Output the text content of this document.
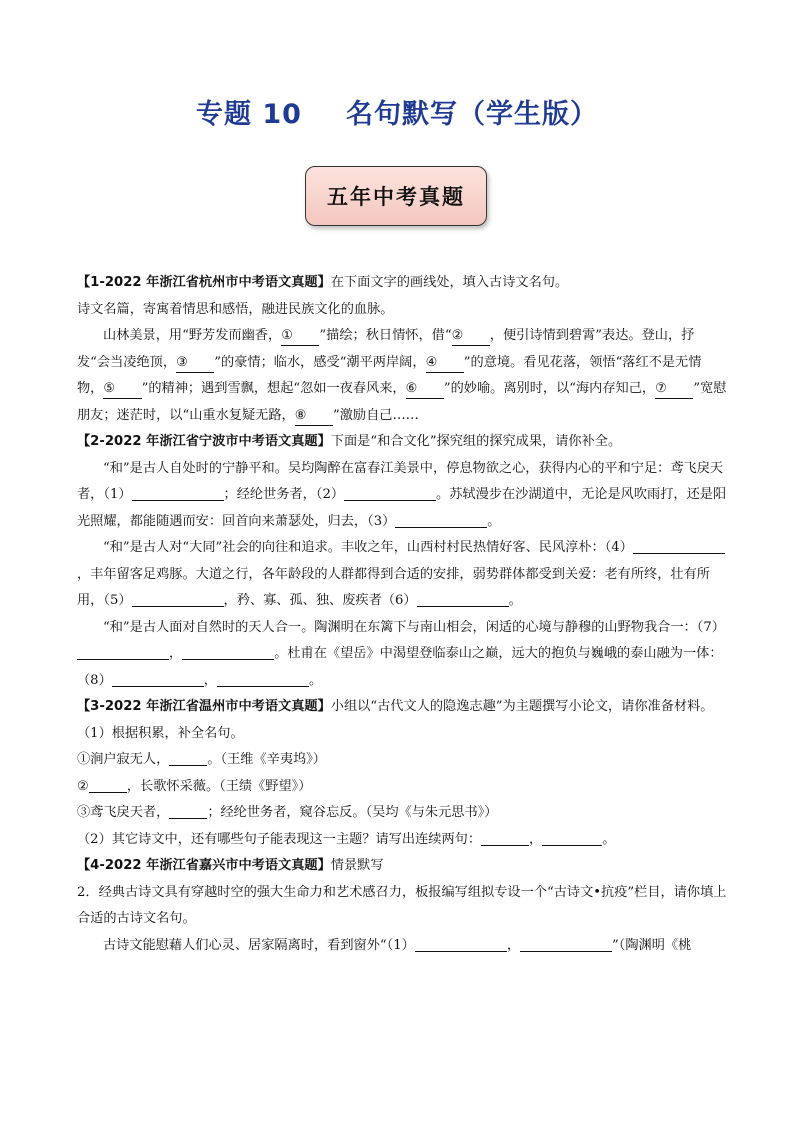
专题 10 名句默写（学生版）
五年中考真题

【1-2022 年浙江省杭州市中考语文真题】在下面文字的画线处，填入古诗文名句。

诗文名篇，寄寓着情思和感悟，融进民族文化的血脉。

山林美景，用“野芳发而幽香，①   ”描绘；秋日情怀，借“②   ，便引诗情到碧霄”表达。登山，抒发“会当凌绝顶，③   ”的豪情；临水，感受“潮平两岸阔，④   ”的意境。看见花落，领悟“落红不是无情物，⑤   ”的精神；遇到雪飘，想起“忽如一夜春风来，⑥   ”的妙喻。离别时，以“海内存知己，⑦   ”宽慰朋友；迷茫时，以“山重水复疑无路，⑧   ”激励自己……

【2-2022 年浙江省宁波市中考语文真题】下面是“和合文化”探究组的探究成果，请你补全。

“和”是古人自处时的宁静平和。吴均陶醉在富春江美景中，停息物欲之心，获得内心的平和宁足：鸢飞戾天者，（1）	；经纶世务者，（2）	。苏轼漫步在沙湖道中，无论是风吹雨打，还是阳光照耀，都能随遇而安：回首向来萧瑟处，归去，（3）	。

“和”是古人对“大同”社会的向往和追求。丰收之年，山西村村民热情好客、民风淳朴：（4），丰年留客足鸡豚。大道之行，各年龄段的人群都得到合适的安排，弱势群体都受到关爱：老有所终，壮有所用，（5）	，矜、寡、孤、独、废疾者（6）	。

“和”是古人面对自然时的天人合一。陶渊明在东篱下与南山相会，闲适的心境与静穆的山野物我合一：（7），	。杜甫在《望岳》中渴望登临泰山之巅，远大的抱负与巍峨的泰山融为一体：（8）	，	。

【3-2022 年浙江省温州市中考语文真题】小组以“古代文人的隐逸志趣”为主题撰写小论文，请你准备材料。

（1）根据积累，补全名句。

①涧户寂无人，	。（王维《辛夷坞》）

②	，长歌怀采薇。（王绩《野望》）

③鸢飞戾天者，	；经纶世务者，窥谷忘反。（吴均《与朱元思书》）

（2）其它诗文中，还有哪些句子能表现这一主题？请写出连续两句：	，	。

【4-2022 年浙江省嘉兴市中考语文真题】情景默写

2．经典古诗文具有穿越时空的强大生命力和艺术感召力，板报编写组拟专设一个“古诗文•抗疫”栏目，请你填上合适的古诗文名句。

古诗文能慰藉人们心灵、居家隔离时，看到窗外“（1）	，	”（陶渊明《桃
